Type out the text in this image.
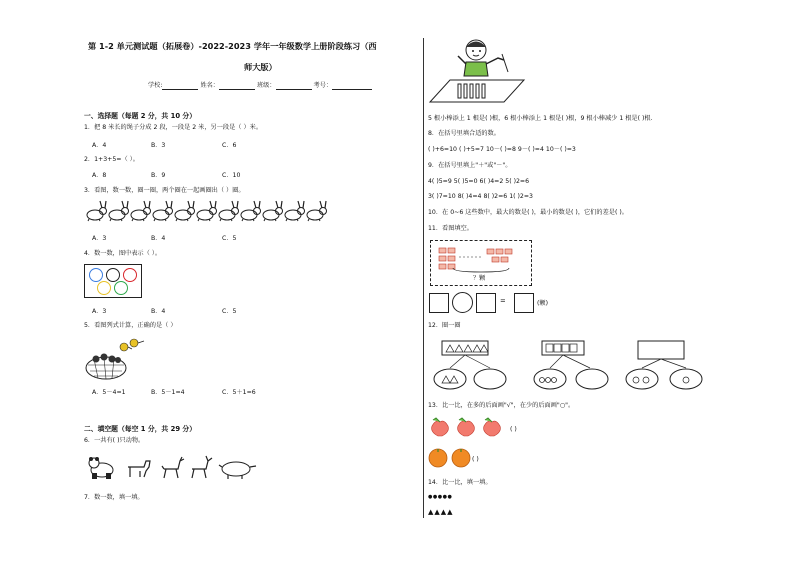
第 1-2 单元测试题（拓展卷）-2022-2023 学年一年级数学上册阶段练习（西
师大版）
学校:	姓名：	班级：	考号：
一、选择题（每题 2 分，共 10 分）
1．把 8 米长的绳子分成 2 段，一段是 2 米，另一段是（ ）米。
A．4	B．3	C．6
2．1+3+5=（ ）。
A．8	B．9	C．10
3．看图，数一数，圈一圈，两个圈在一起画圈出（ ）圈。
A．3	B．4	C．5
4．数一数，图中表示（ ）。
A．3	B．4	C．5
5．看图列式计算，正确的是（ ）
A．5－4=1	B．5－1=4	C．5＋1=6
二、填空题（每空 1 分，共 29 分）
6．一共有( )只动物。
7．数一数，填一填。
5 根小棒添上 1 根是( )根，6 根小棒添上 1 根是( )根，9 根小棒减少 1 根是( )根.
8．在括号里填合适的数。
( )+6=10 ( )+5=7 10－( )=8 9－( )=4 10－( )=3
9．在括号里填上"＋"或"－"。
4( )5=9 5( )5=0 6( )4=2 5( )2=6
3( )7=10 8( )4=4 8( )2=6 1( )2=3
10．在 0~6 这些数中，最大的数是( )，最小的数是( )，它们的差是( )。
11．看图填空。
？颗
=	(颗)
12．圈一圈
13．比一比，在多的后面画"√"，在少的后面画"○"。
( )
( )
14．比一比，填一填。
●●●●●
▲▲▲▲
